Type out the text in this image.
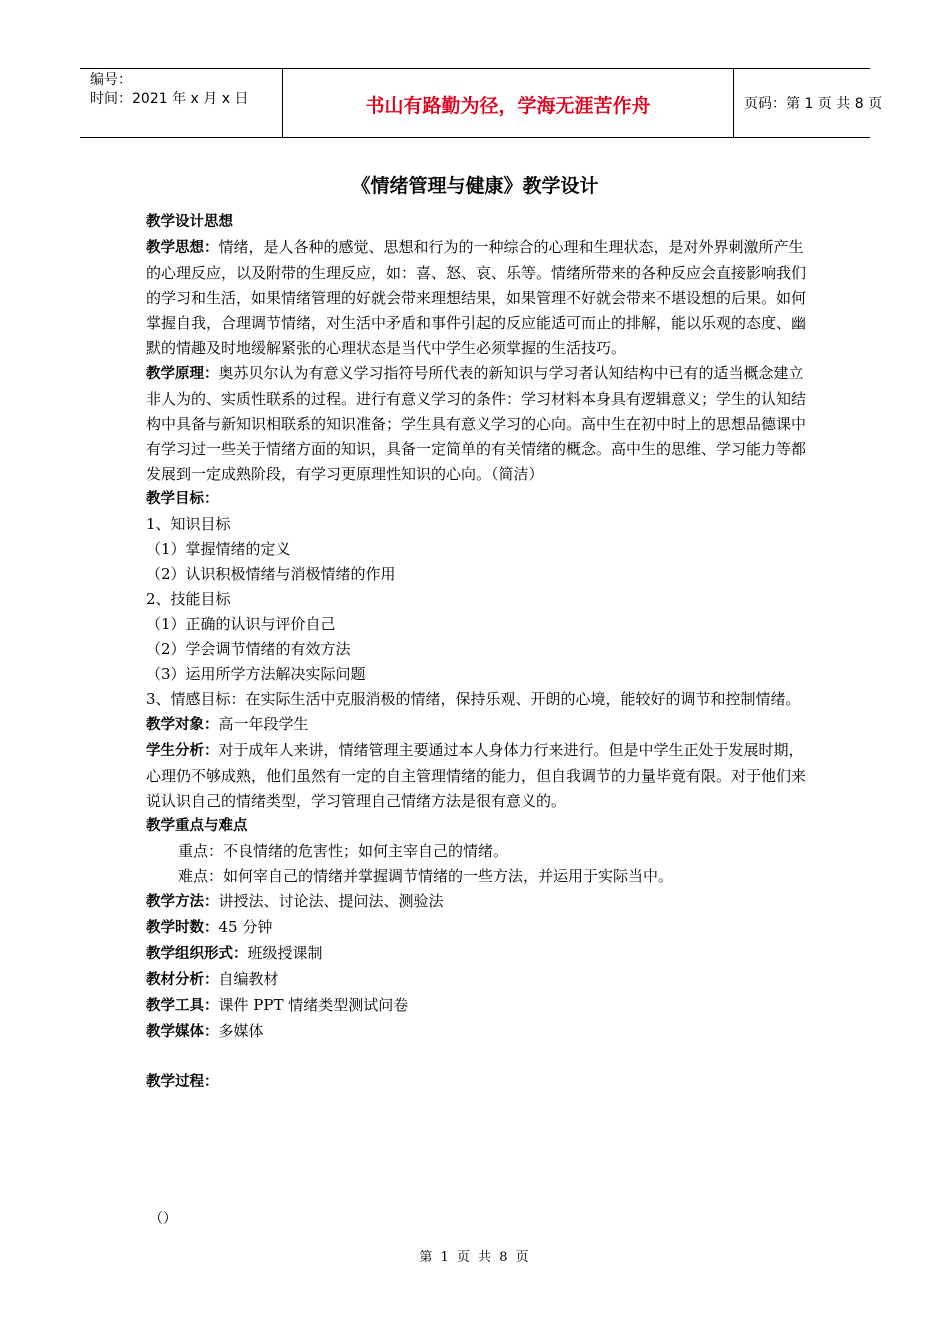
编号：
时间：2021 年 x 月 x 日	书山有路勤为径，学海无涯苦作舟	页码：第 1 页 共 8 页
《情绪管理与健康》教学设计

教学设计思想

教学思想：情绪，是人各种的感觉、思想和行为的一种综合的心理和生理状态，是对外界刺激所产生的心理反应，以及附带的生理反应，如：喜、怒、哀、乐等。情绪所带来的各种反应会直接影响我们的学习和生活，如果情绪管理的好就会带来理想结果，如果管理不好就会带来不堪设想的后果。如何掌握自我，合理调节情绪，对生活中矛盾和事件引起的反应能适可而止的排解，能以乐观的态度、幽默的情趣及时地缓解紧张的心理状态是当代中学生必须掌握的生活技巧。

教学原理：奥苏贝尔认为有意义学习指符号所代表的新知识与学习者认知结构中已有的适当概念建立非人为的、实质性联系的过程。进行有意义学习的条件：学习材料本身具有逻辑意义；学生的认知结构中具备与新知识相联系的知识准备；学生具有意义学习的心向。高中生在初中时上的思想品德课中有学习过一些关于情绪方面的知识，具备一定简单的有关情绪的概念。高中生的思维、学习能力等都发展到一定成熟阶段，有学习更原理性知识的心向。（简洁）

教学目标：

1、知识目标

（1）掌握情绪的定义

（2）认识积极情绪与消极情绪的作用

2、技能目标

（1）正确的认识与评价自己

（2）学会调节情绪的有效方法

（3）运用所学方法解决实际问题

3、情感目标：在实际生活中克服消极的情绪，保持乐观、开朗的心境，能较好的调节和控制情绪。

教学对象：高一年段学生

学生分析：对于成年人来讲，情绪管理主要通过本人身体力行来进行。但是中学生正处于发展时期，心理仍不够成熟，他们虽然有一定的自主管理情绪的能力，但自我调节的力量毕竟有限。对于他们来说认识自己的情绪类型，学习管理自己情绪方法是很有意义的。

教学重点与难点

重点：不良情绪的危害性；如何主宰自己的情绪。

难点：如何宰自己的情绪并掌握调节情绪的一些方法，并运用于实际当中。

教学方法：讲授法、讨论法、提问法、测验法

教学时数：45 分钟

教学组织形式：班级授课制

教材分析：自编教材

教学工具：课件 PPT 情绪类型测试问卷

教学媒体：多媒体

教学过程：

（）
第 1 页 共 8 页
